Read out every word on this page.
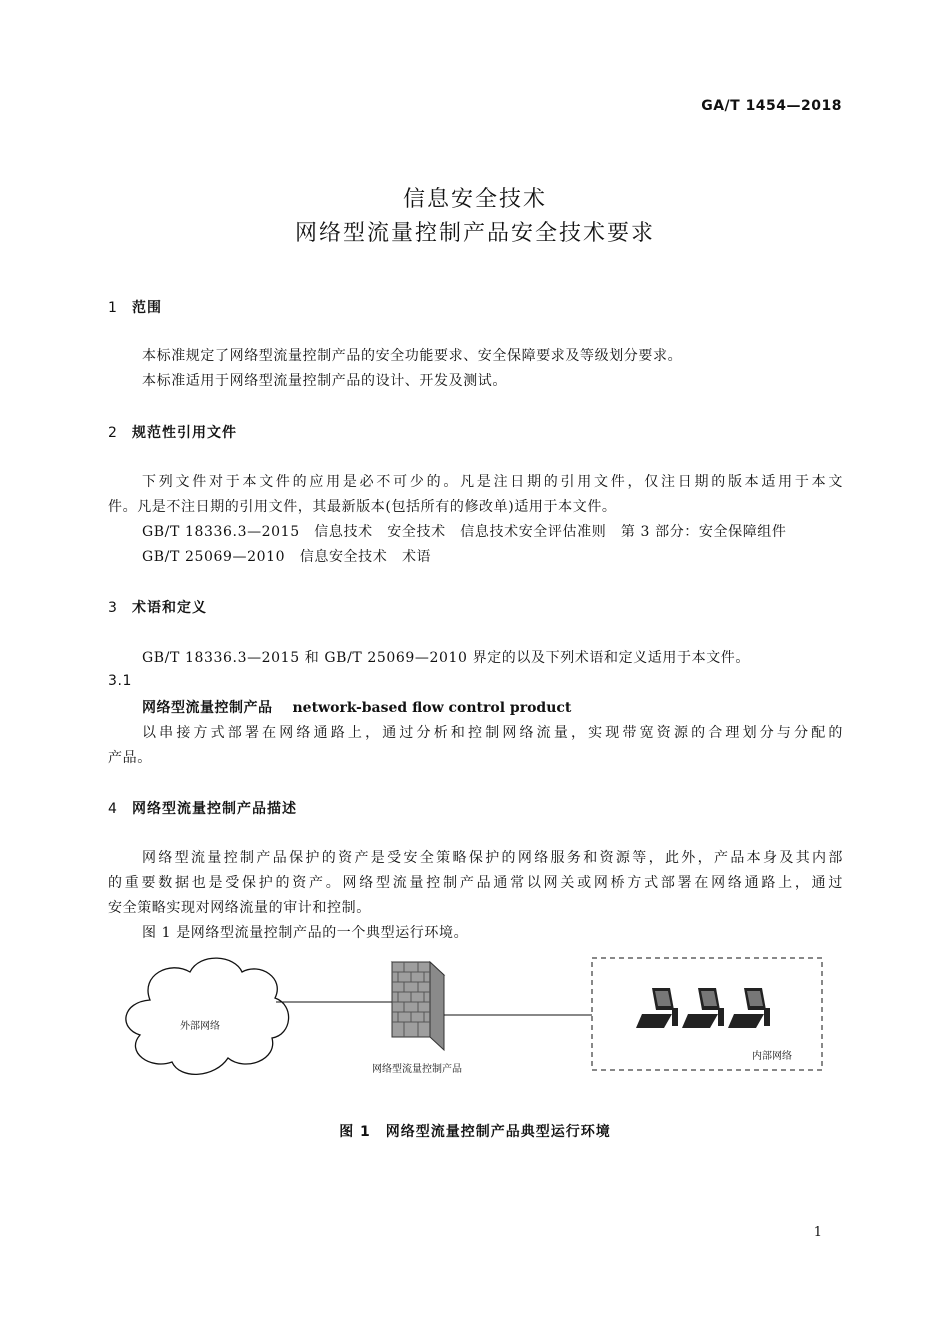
GA/T 1454—2018
信息安全技术
网络型流量控制产品安全技术要求
1 范围
本标准规定了网络型流量控制产品的安全功能要求、安全保障要求及等级划分要求。
本标准适用于网络型流量控制产品的设计、开发及测试。
2 规范性引用文件
下列文件对于本文件的应用是必不可少的。凡是注日期的引用文件，仅注日期的版本适用于本文
件。凡是不注日期的引用文件，其最新版本(包括所有的修改单)适用于本文件。
GB/T 18336.3—2015　信息技术　安全技术　信息技术安全评估准则　第 3 部分：安全保障组件
GB/T 25069—2010　信息安全技术　术语
3 术语和定义
GB/T 18336.3—2015 和 GB/T 25069—2010 界定的以及下列术语和定义适用于本文件。
3.1
网络型流量控制产品 network-based flow control product
以串接方式部署在网络通路上，通过分析和控制网络流量，实现带宽资源的合理划分与分配的
产品。
4 网络型流量控制产品描述
网络型流量控制产品保护的资产是受安全策略保护的网络服务和资源等，此外，产品本身及其内部
的重要数据也是受保护的资产。网络型流量控制产品通常以网关或网桥方式部署在网络通路上，通过
安全策略实现对网络流量的审计和控制。
图 1 是网络型流量控制产品的一个典型运行环境。
外部网络
网络型流量控制产品
内部网络
图 1　网络型流量控制产品典型运行环境
1
